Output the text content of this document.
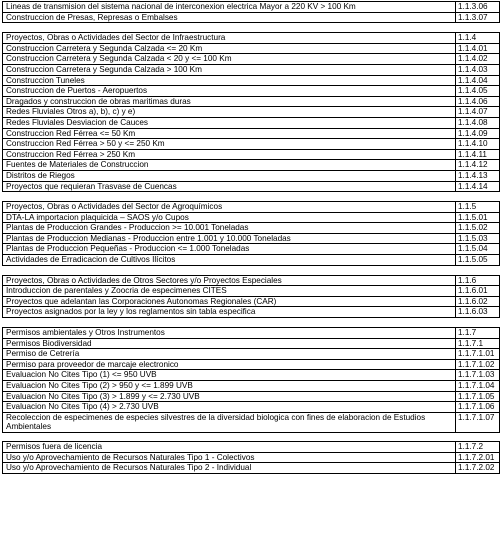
Lineas de transmision del sistema nacional de interconexion electrica Mayor a 220 KV > 100 Km	1.1.3.06
Construccion de Presas, Represas o Embalses	1.1.3.07
Proyectos, Obras o Actividades del Sector de Infraestructura	1.1.4
Construccion Carretera y Segunda Calzada <= 20 Km	1.1.4.01
Construccion Carretera y Segunda Calzada < 20 y <= 100 Km	1.1.4.02
Construccion Carretera y Segunda Calzada > 100 Km	1.1.4.03
Construccion Tuneles	1.1.4.04
Construccion de Puertos - Aeropuertos	1.1.4.05
Dragados y construccion de obras maritimas duras	1.1.4.06
Redes Fluviales Otros a), b), c) y e)	1.1.4.07
Redes Fluviales Desviacion de Cauces	1.1.4.08
Construccion Red Férrea <= 50 Km	1.1.4.09
Construccion Red Férrea > 50 y <= 250 Km	1.1.4.10
Construccion Red Férrea > 250 Km	1.1.4.11
Fuentes de Materiales de Construccion	1.1.4.12
Distritos de Riegos	1.1.4.13
Proyectos que requieran Trasvase de Cuencas	1.1.4.14
Proyectos, Obras o Actividades del Sector de Agroquímicos	1.1.5
DTA-LA importacion plaquicida – SAOS y/o Cupos	1.1.5.01
Plantas de Produccion Grandes - Produccion >= 10.001 Toneladas	1.1.5.02
Plantas de Produccion Medianas - Produccion entre 1.001 y 10.000 Toneladas	1.1.5.03
Plantas de Produccion Pequeñas - Produccion <= 1.000 Toneladas	1.1.5.04
Actividades de Erradicacion de Cultivos Ilícitos	1.1.5.05
Proyectos, Obras o Actividades de Otros Sectores y/o Proyectos Especiales	1.1.6
Introduccion de parentales y Zoocria de especimenes CITES	1.1.6.01
Proyectos que adelantan las Corporaciones Autonomas Regionales (CAR)	1.1.6.02
Proyectos asignados por la ley y los reglamentos sin tabla especifica	1.1.6.03
Permisos ambientales y Otros Instrumentos	1.1.7
Permisos Biodiversidad	1.1.7.1
Permiso de Cetrería	1.1.7.1.01
Permiso para proveedor de marcaje electronico	1.1.7.1.02
Evaluacion No Cites Tipo (1) <= 950 UVB	1.1.7.1.03
Evaluacion No Cites Tipo (2) > 950 y <= 1.899 UVB	1.1.7.1.04
Evaluacion No Cites Tipo (3) > 1.899 y <= 2.730 UVB	1.1.7.1.05
Evaluacion No Cites Tipo (4) > 2.730 UVB	1.1.7.1.06
Recoleccion de especimenes de especies silvestres de la diversidad biologica con fines de elaboracion de Estudios Ambientales	1.1.7.1.07
Permisos fuera de licencia	1.1.7.2
Uso y/o Aprovechamiento de Recursos Naturales Tipo 1 - Colectivos	1.1.7.2.01
Uso y/o Aprovechamiento de Recursos Naturales Tipo 2 - Individual	1.1.7.2.02
